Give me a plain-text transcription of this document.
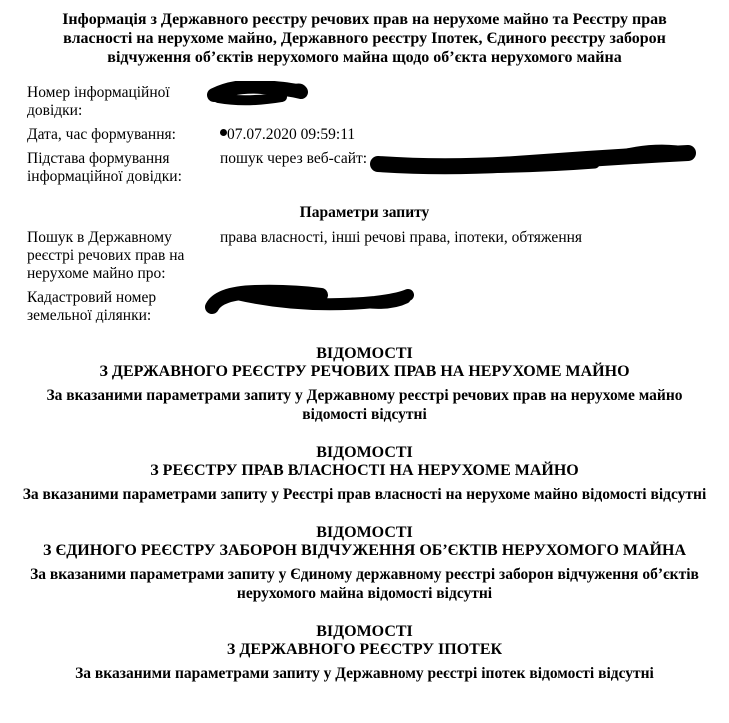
Інформація з Державного реєстру речових прав на нерухоме майно та Реєстру прав власності на нерухоме майно, Державного реєстру Іпотек, Єдиного реєстру заборон відчуження об’єктів нерухомого майна щодо об’єкта нерухомого майна
Номер інформаційної довідки:
Дата, час формування:	07.07.2020 09:59:11
Підстава формування інформаційної довідки:
пошук через веб-сайт:
Параметри запиту
Пошук в Державному реєстрі речових прав на нерухоме майно про:
права власності, інші речові права, іпотеки, обтяження
Кадастровий номер земельної ділянки:
ВІДОМОСТІ
З ДЕРЖАВНОГО РЕЄСТРУ РЕЧОВИХ ПРАВ НА НЕРУХОМЕ МАЙНО
За вказаними параметрами запиту у Державному реєстрі речових прав на нерухоме майно відомості відсутні
ВІДОМОСТІ
З РЕЄСТРУ ПРАВ ВЛАСНОСТІ НА НЕРУХОМЕ МАЙНО
За вказаними параметрами запиту у Реєстрі прав власності на нерухоме майно відомості відсутні
ВІДОМОСТІ
З ЄДИНОГО РЕЄСТРУ ЗАБОРОН ВІДЧУЖЕННЯ ОБ’ЄКТІВ НЕРУХОМОГО МАЙНА
За вказаними параметрами запиту у Єдиному державному реєстрі заборон відчуження об’єктів нерухомого майна відомості відсутні
ВІДОМОСТІ
З ДЕРЖАВНОГО РЕЄСТРУ ІПОТЕК
За вказаними параметрами запиту у Державному реєстрі іпотек відомості відсутні
